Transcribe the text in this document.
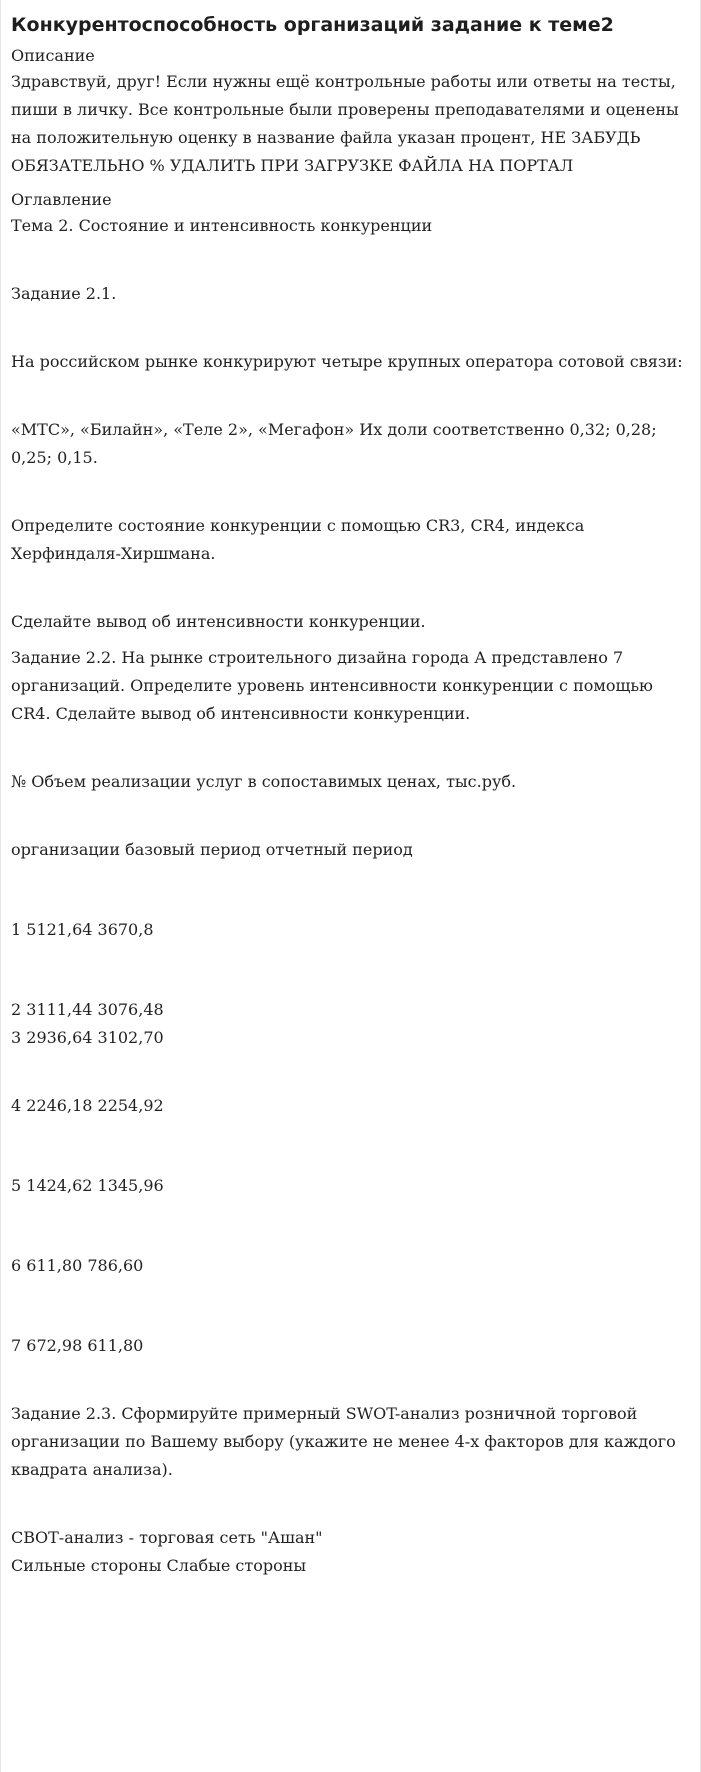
Конкурентоспособность организаций задание к теме2
Описание

Здравствуй, друг! Если нужны ещё контрольные работы или ответы на тесты, пиши в личку. Все контрольные были проверены преподавателями и оценены на положительную оценку в название файла указан процент, НЕ ЗАБУДЬ ОБЯЗАТЕЛЬНО % УДАЛИТЬ ПРИ ЗАГРУЗКЕ ФАЙЛА НА ПОРТАЛ

Оглавление

Тема 2. Состояние и интенсивность конкуренции

Задание 2.1.

На российском рынке конкурируют четыре крупных оператора сотовой связи:

«МТС», «Билайн», «Теле 2», «Мегафон» Их доли соответственно 0,32; 0,28; 0,25; 0,15.

Определите состояние конкуренции с помощью CR3, CR4, индекса Херфиндаля-Хиршмана.

Сделайте вывод об интенсивности конкуренции.

Задание 2.2. На рынке строительного дизайна города А представлено 7 организаций. Определите уровень интенсивности конкуренции с помощью CR4. Сделайте вывод об интенсивности конкуренции.

№ Объем реализации услуг в сопоставимых ценах, тыс.руб.

организации базовый период отчетный период

1 5121,64 3670,8

2 3111,44 3076,48

3 2936,64 3102,70

4 2246,18 2254,92

5 1424,62 1345,96

6 611,80 786,60

7 672,98 611,80

Задание 2.3. Сформируйте примерный SWOT-анализ розничной торговой организации по Вашему выбору (укажите не менее 4-х факторов для каждого квадрата анализа).

СВОТ-анализ - торговая сеть "Ашан"

Сильные стороны Слабые стороны
